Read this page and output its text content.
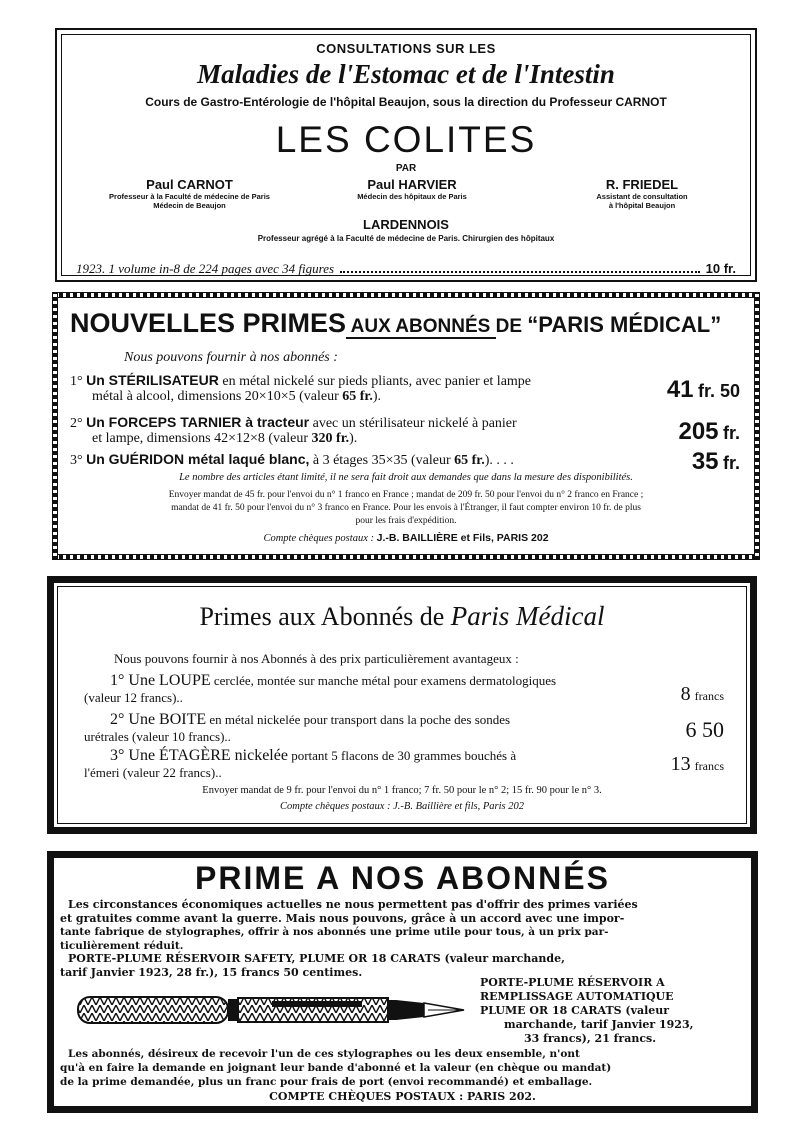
CONSULTATIONS SUR LES
Maladies de l'Estomac et de l'Intestin
Cours de Gastro-Entérologie de l'hôpital Beaujon, sous la direction du Professeur CARNOT
LES COLITES
PAR
Paul CARNOT
Professeur à la Faculté de médecine de Paris
Médecin de Beaujon
Paul HARVIER
Médecin des hôpitaux de Paris
R. FRIEDEL
Assistant de consultation
à l'hôpital Beaujon
LARDENNOIS
Professeur agrégé à la Faculté de médecine de Paris. Chirurgien des hôpitaux
1923. 1 volume in-8 de 224 pages avec 34 figures	10 fr.
NOUVELLES PRIMES AUX ABONNÉS DE “PARIS MÉDICAL”
Nous pouvons fournir à nos abonnés :
1° Un STÉRILISATEUR en métal nickelé sur pieds pliants, avec panier et lampe
métal à alcool, dimensions 20×10×5 (valeur 65 fr.).	41 fr. 50
2° Un FORCEPS TARNIER à tracteur avec un stérilisateur nickelé à panier
et lampe, dimensions 42×12×8 (valeur 320 fr.).	205 fr.
3° Un GUÉRIDON métal laqué blanc, à 3 étages 35×35 (valeur 65 fr.). . . .	35 fr.
Le nombre des articles étant limité, il ne sera fait droit aux demandes que dans la mesure des disponibilités.
Envoyer mandat de 45 fr. pour l'envoi du n° 1 franco en France ; mandat de 209 fr. 50 pour l'envoi du n° 2 franco en France ;
mandat de 41 fr. 50 pour l'envoi du n° 3 franco en France. Pour les envois à l'Étranger, il faut compter environ 10 fr. de plus
pour les frais d'expédition.
Compte chèques postaux : J.-B. BAILLIÈRE et Fils, PARIS 202
Primes aux Abonnés de Paris Médical
Nous pouvons fournir à nos Abonnés à des prix particulièrement avantageux :
1° Une LOUPE cerclée, montée sur manche métal pour examens dermatologiques
(valeur 12 francs)..	8 francs
2° Une BOITE en métal nickelée pour transport dans la poche des sondes
urétrales (valeur 10 francs)..	6 50
3° Une ÉTAGÈRE nickelée portant 5 flacons de 30 grammes bouchés à
l'émeri (valeur 22 francs)..	13 francs
Envoyer mandat de 9 fr. pour l'envoi du n° 1 franco; 7 fr. 50 pour le n° 2; 15 fr. 90 pour le n° 3.
Compte chèques postaux : J.-B. Baillière et fils, Paris 202
PRIME A NOS ABONNÉS
Les circonstances économiques actuelles ne nous permettent pas d'offrir des primes variées
et gratuites comme avant la guerre. Mais nous pouvons, grâce à un accord avec une impor-
tante fabrique de stylographes, offrir à nos abonnés une prime utile pour tous, à un prix par-
ticulièrement réduit.
PORTE-PLUME RÉSERVOIR SAFETY, PLUME OR 18 CARATS (valeur marchande,
tarif Janvier 1923, 28 fr.), 15 francs 50 centimes.
PORTE-PLUME RÉSERVOIR A
REMPLISSAGE AUTOMATIQUE
PLUME OR 18 CARATS (valeur
marchande, tarif Janvier 1923,
33 francs), 21 francs.
Les abonnés, désireux de recevoir l'un de ces stylographes ou les deux ensemble, n'ont
qu'à en faire la demande en joignant leur bande d'abonné et la valeur (en chèque ou mandat)
de la prime demandée, plus un franc pour frais de port (envoi recommandé) et emballage.
COMPTE CHÈQUES POSTAUX : PARIS 202.
